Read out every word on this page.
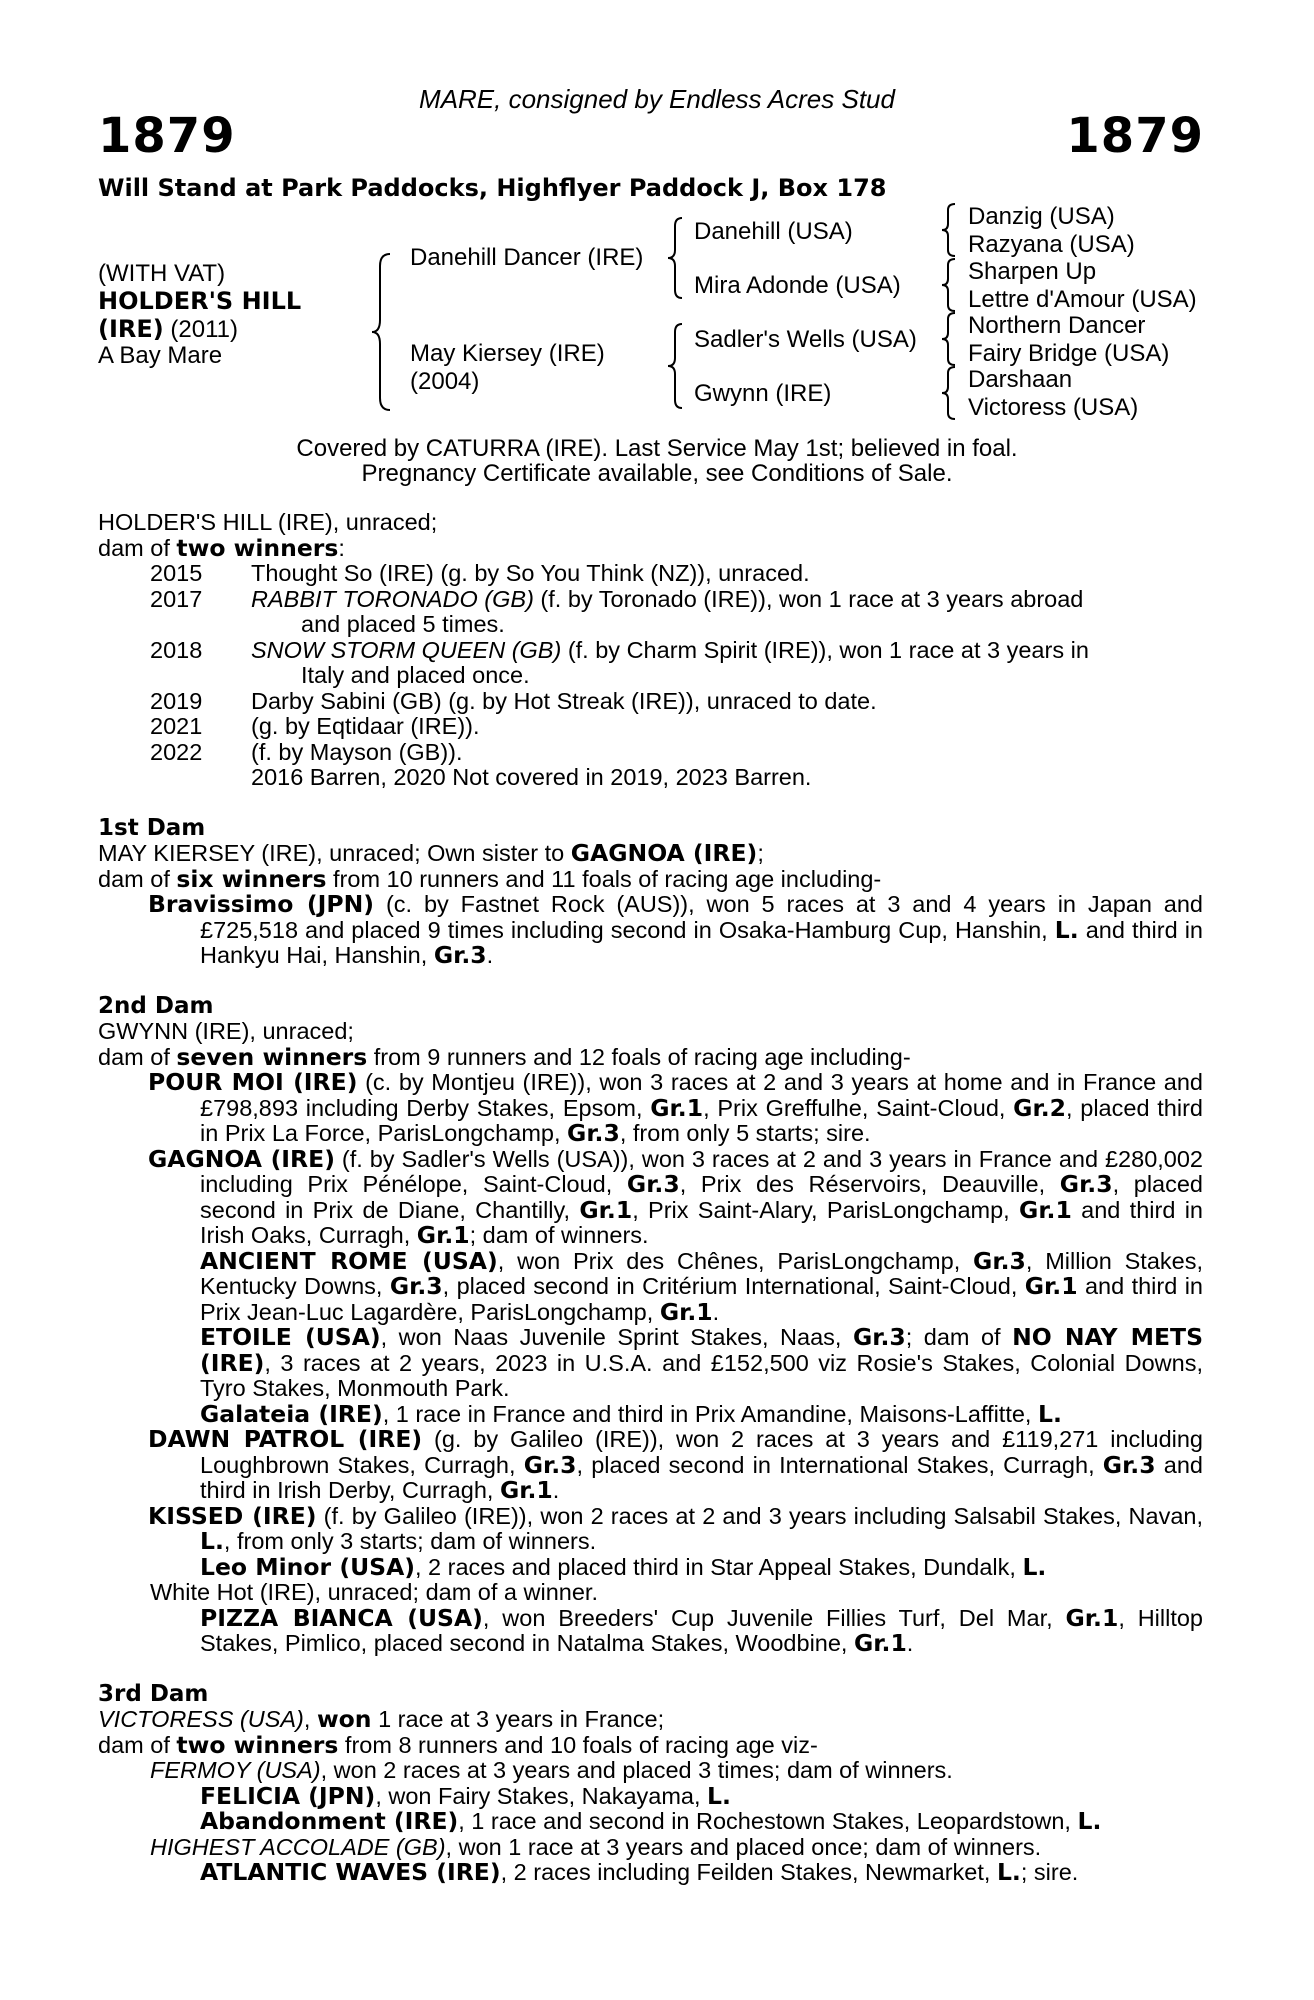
MARE, consigned by Endless Acres Stud
1879	1879
Will Stand at Park Paddocks, Highflyer Paddock J, Box 178
(WITH VAT)
HOLDER'S HILL
(IRE) (2011)
A Bay Mare
Danehill Dancer (IRE)
May Kiersey (IRE)
(2004)
Danehill (USA)
Mira Adonde (USA)
Sadler's Wells (USA)
Gwynn (IRE)
Danzig (USA)
Razyana (USA)
Sharpen Up
Lettre d'Amour (USA)
Northern Dancer
Fairy Bridge (USA)
Darshaan
Victoress (USA)
Covered by CATURRA (IRE). Last Service May 1st; believed in foal.
Pregnancy Certificate available, see Conditions of Sale.

HOLDER'S HILL (IRE), unraced;

dam of two winners:

2015	Thought So (IRE) (g. by So You Think (NZ)), unraced.
2017	RABBIT TORONADO (GB) (f. by Toronado (IRE)), won 1 race at 3 years abroad
and placed 5 times.
2018	SNOW STORM QUEEN (GB) (f. by Charm Spirit (IRE)), won 1 race at 3 years in
Italy and placed once.
2019	Darby Sabini (GB) (g. by Hot Streak (IRE)), unraced to date.
2021	(g. by Eqtidaar (IRE)).
2022	(f. by Mayson (GB)).
2016 Barren, 2020 Not covered in 2019, 2023 Barren.

1st Dam

MAY KIERSEY (IRE), unraced; Own sister to GAGNOA (IRE);

dam of six winners from 10 runners and 11 foals of racing age including-

Bravissimo (JPN) (c. by Fastnet Rock (AUS)), won 5 races at 3 and 4 years in Japan and £725,518 and placed 9 times including second in Osaka-Hamburg Cup, Hanshin, L. and third in Hankyu Hai, Hanshin, Gr.3.

2nd Dam

GWYNN (IRE), unraced;

dam of seven winners from 9 runners and 12 foals of racing age including-

POUR MOI (IRE) (c. by Montjeu (IRE)), won 3 races at 2 and 3 years at home and in France and £798,893 including Derby Stakes, Epsom, Gr.1, Prix Greffulhe, Saint-Cloud, Gr.2, placed third in Prix La Force, ParisLongchamp, Gr.3, from only 5 starts; sire.

GAGNOA (IRE) (f. by Sadler's Wells (USA)), won 3 races at 2 and 3 years in France and £280,002 including Prix Pénélope, Saint-Cloud, Gr.3, Prix des Réservoirs, Deauville, Gr.3, placed second in Prix de Diane, Chantilly, Gr.1, Prix Saint-Alary, ParisLongchamp, Gr.1 and third in Irish Oaks, Curragh, Gr.1; dam of winners.

ANCIENT ROME (USA), won Prix des Chênes, ParisLongchamp, Gr.3, Million Stakes, Kentucky Downs, Gr.3, placed second in Critérium International, Saint-Cloud, Gr.1 and third in Prix Jean-Luc Lagardère, ParisLongchamp, Gr.1.

ETOILE (USA), won Naas Juvenile Sprint Stakes, Naas, Gr.3; dam of NO NAY METS (IRE), 3 races at 2 years, 2023 in U.S.A. and £152,500 viz Rosie's Stakes, Colonial Downs, Tyro Stakes, Monmouth Park.

Galateia (IRE), 1 race in France and third in Prix Amandine, Maisons-Laffitte, L.

DAWN PATROL (IRE) (g. by Galileo (IRE)), won 2 races at 3 years and £119,271 including Loughbrown Stakes, Curragh, Gr.3, placed second in International Stakes, Curragh, Gr.3 and third in Irish Derby, Curragh, Gr.1.

KISSED (IRE) (f. by Galileo (IRE)), won 2 races at 2 and 3 years including Salsabil Stakes, Navan, L., from only 3 starts; dam of winners.

Leo Minor (USA), 2 races and placed third in Star Appeal Stakes, Dundalk, L.

White Hot (IRE), unraced; dam of a winner.

PIZZA BIANCA (USA), won Breeders' Cup Juvenile Fillies Turf, Del Mar, Gr.1, Hilltop Stakes, Pimlico, placed second in Natalma Stakes, Woodbine, Gr.1.

3rd Dam

VICTORESS (USA), won 1 race at 3 years in France;

dam of two winners from 8 runners and 10 foals of racing age viz-

FERMOY (USA), won 2 races at 3 years and placed 3 times; dam of winners.

FELICIA (JPN), won Fairy Stakes, Nakayama, L.

Abandonment (IRE), 1 race and second in Rochestown Stakes, Leopardstown, L.

HIGHEST ACCOLADE (GB), won 1 race at 3 years and placed once; dam of winners.

ATLANTIC WAVES (IRE), 2 races including Feilden Stakes, Newmarket, L.; sire.
